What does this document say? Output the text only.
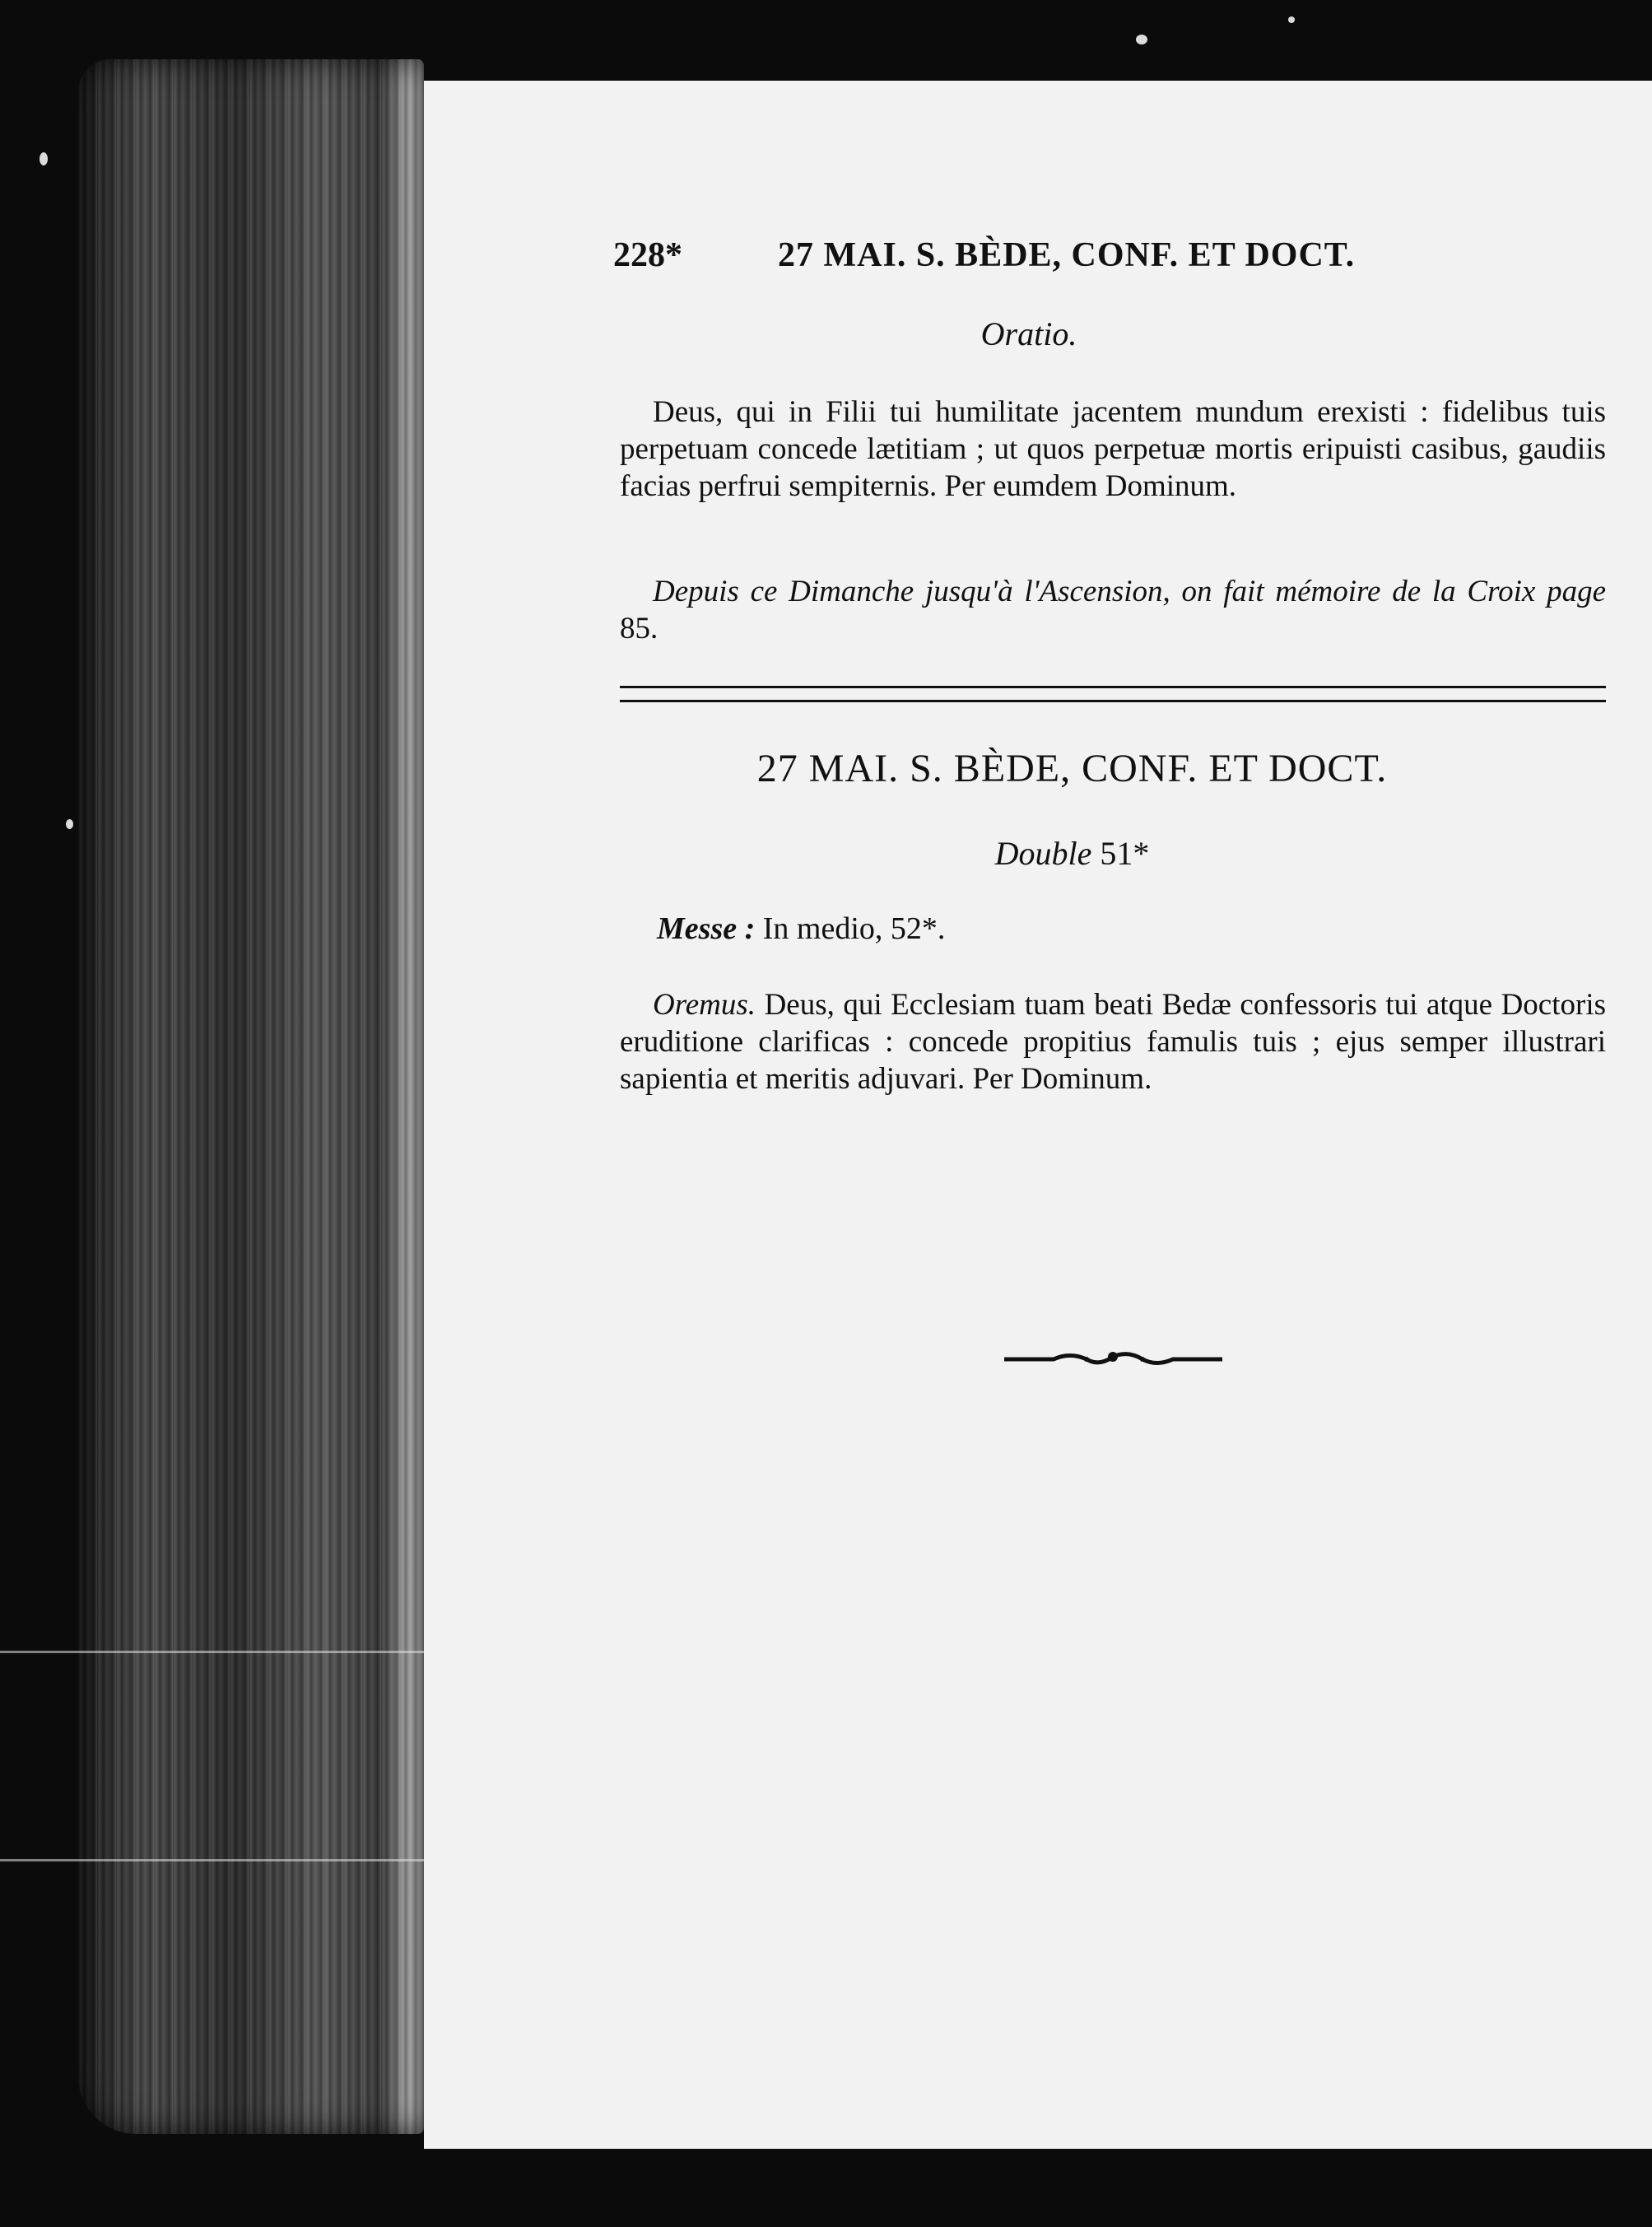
228*	27 MAI. S. BÈDE, CONF. ET DOCT.
Oratio.
Deus, qui in Filii tui humilitate jacentem mundum erexisti : fidelibus tuis perpetuam concede lætitiam ; ut quos perpetuæ mortis eripuisti casibus, gaudiis facias perfrui sempiternis. Per eumdem Dominum.
Depuis ce Dimanche jusqu'à l'Ascension, on fait mémoire de la Croix page 85.
27 MAI. S. BÈDE, CONF. ET DOCT.
Double 51*
Messe : In medio, 52*.
Oremus. Deus, qui Ecclesiam tuam beati Bedæ confessoris tui atque Doctoris eruditione clarificas : concede propitius famulis tuis ; ejus semper illustrari sapientia et meritis adjuvari. Per Dominum.
